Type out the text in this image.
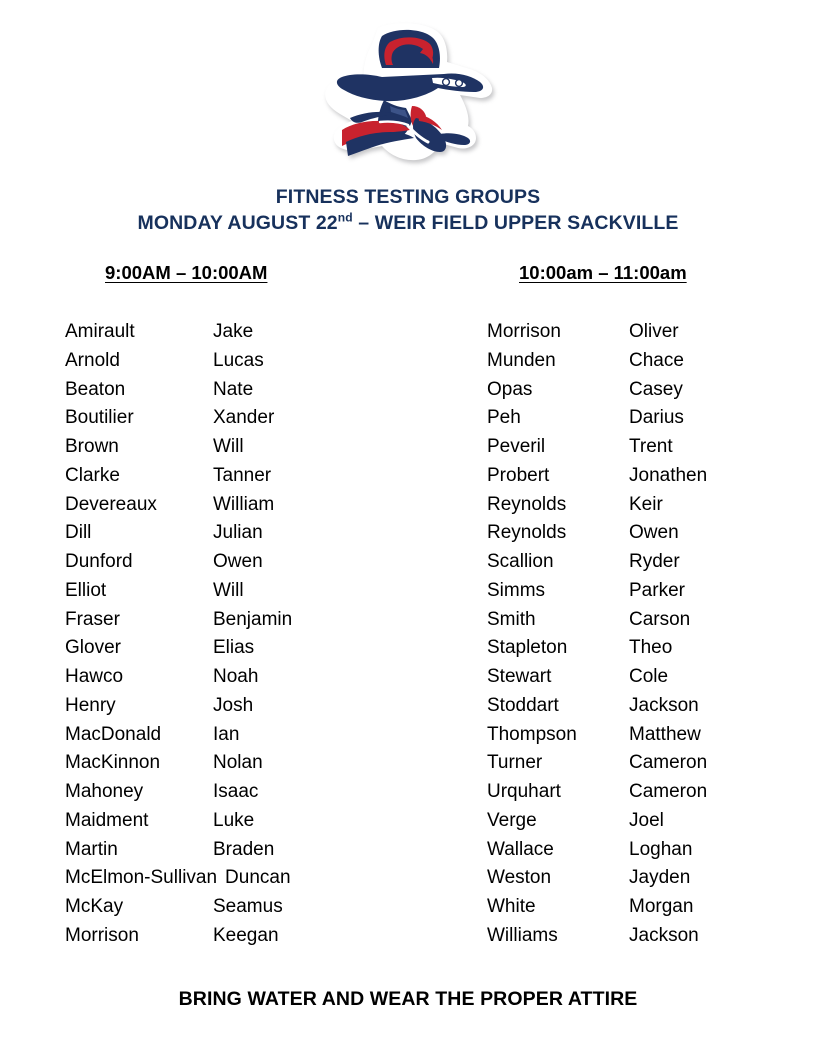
FITNESS TESTING GROUPS
MONDAY AUGUST 22nd – WEIR FIELD UPPER SACKVILLE
9:00AM – 10:00AM	10:00am – 11:00am
Amirault	Jake
Arnold	Lucas
Beaton	Nate
Boutilier	Xander
Brown	Will
Clarke	Tanner
Devereaux	William
Dill	Julian
Dunford	Owen
Elliot	Will
Fraser	Benjamin
Glover	Elias
Hawco	Noah
Henry	Josh
MacDonald	Ian
MacKinnon	Nolan
Mahoney	Isaac
Maidment	Luke
Martin	Braden
McElmon-Sullivan Duncan
McKay	Seamus
Morrison	Keegan
Morrison	Oliver
Munden	Chace
Opas	Casey
Peh	Darius
Peveril	Trent
Probert	Jonathen
Reynolds	Keir
Reynolds	Owen
Scallion	Ryder
Simms	Parker
Smith	Carson
Stapleton	Theo
Stewart	Cole
Stoddart	Jackson
Thompson	Matthew
Turner	Cameron
Urquhart	Cameron
Verge	Joel
Wallace	Loghan
Weston	Jayden
White	Morgan
Williams	Jackson
BRING WATER AND WEAR THE PROPER ATTIRE
